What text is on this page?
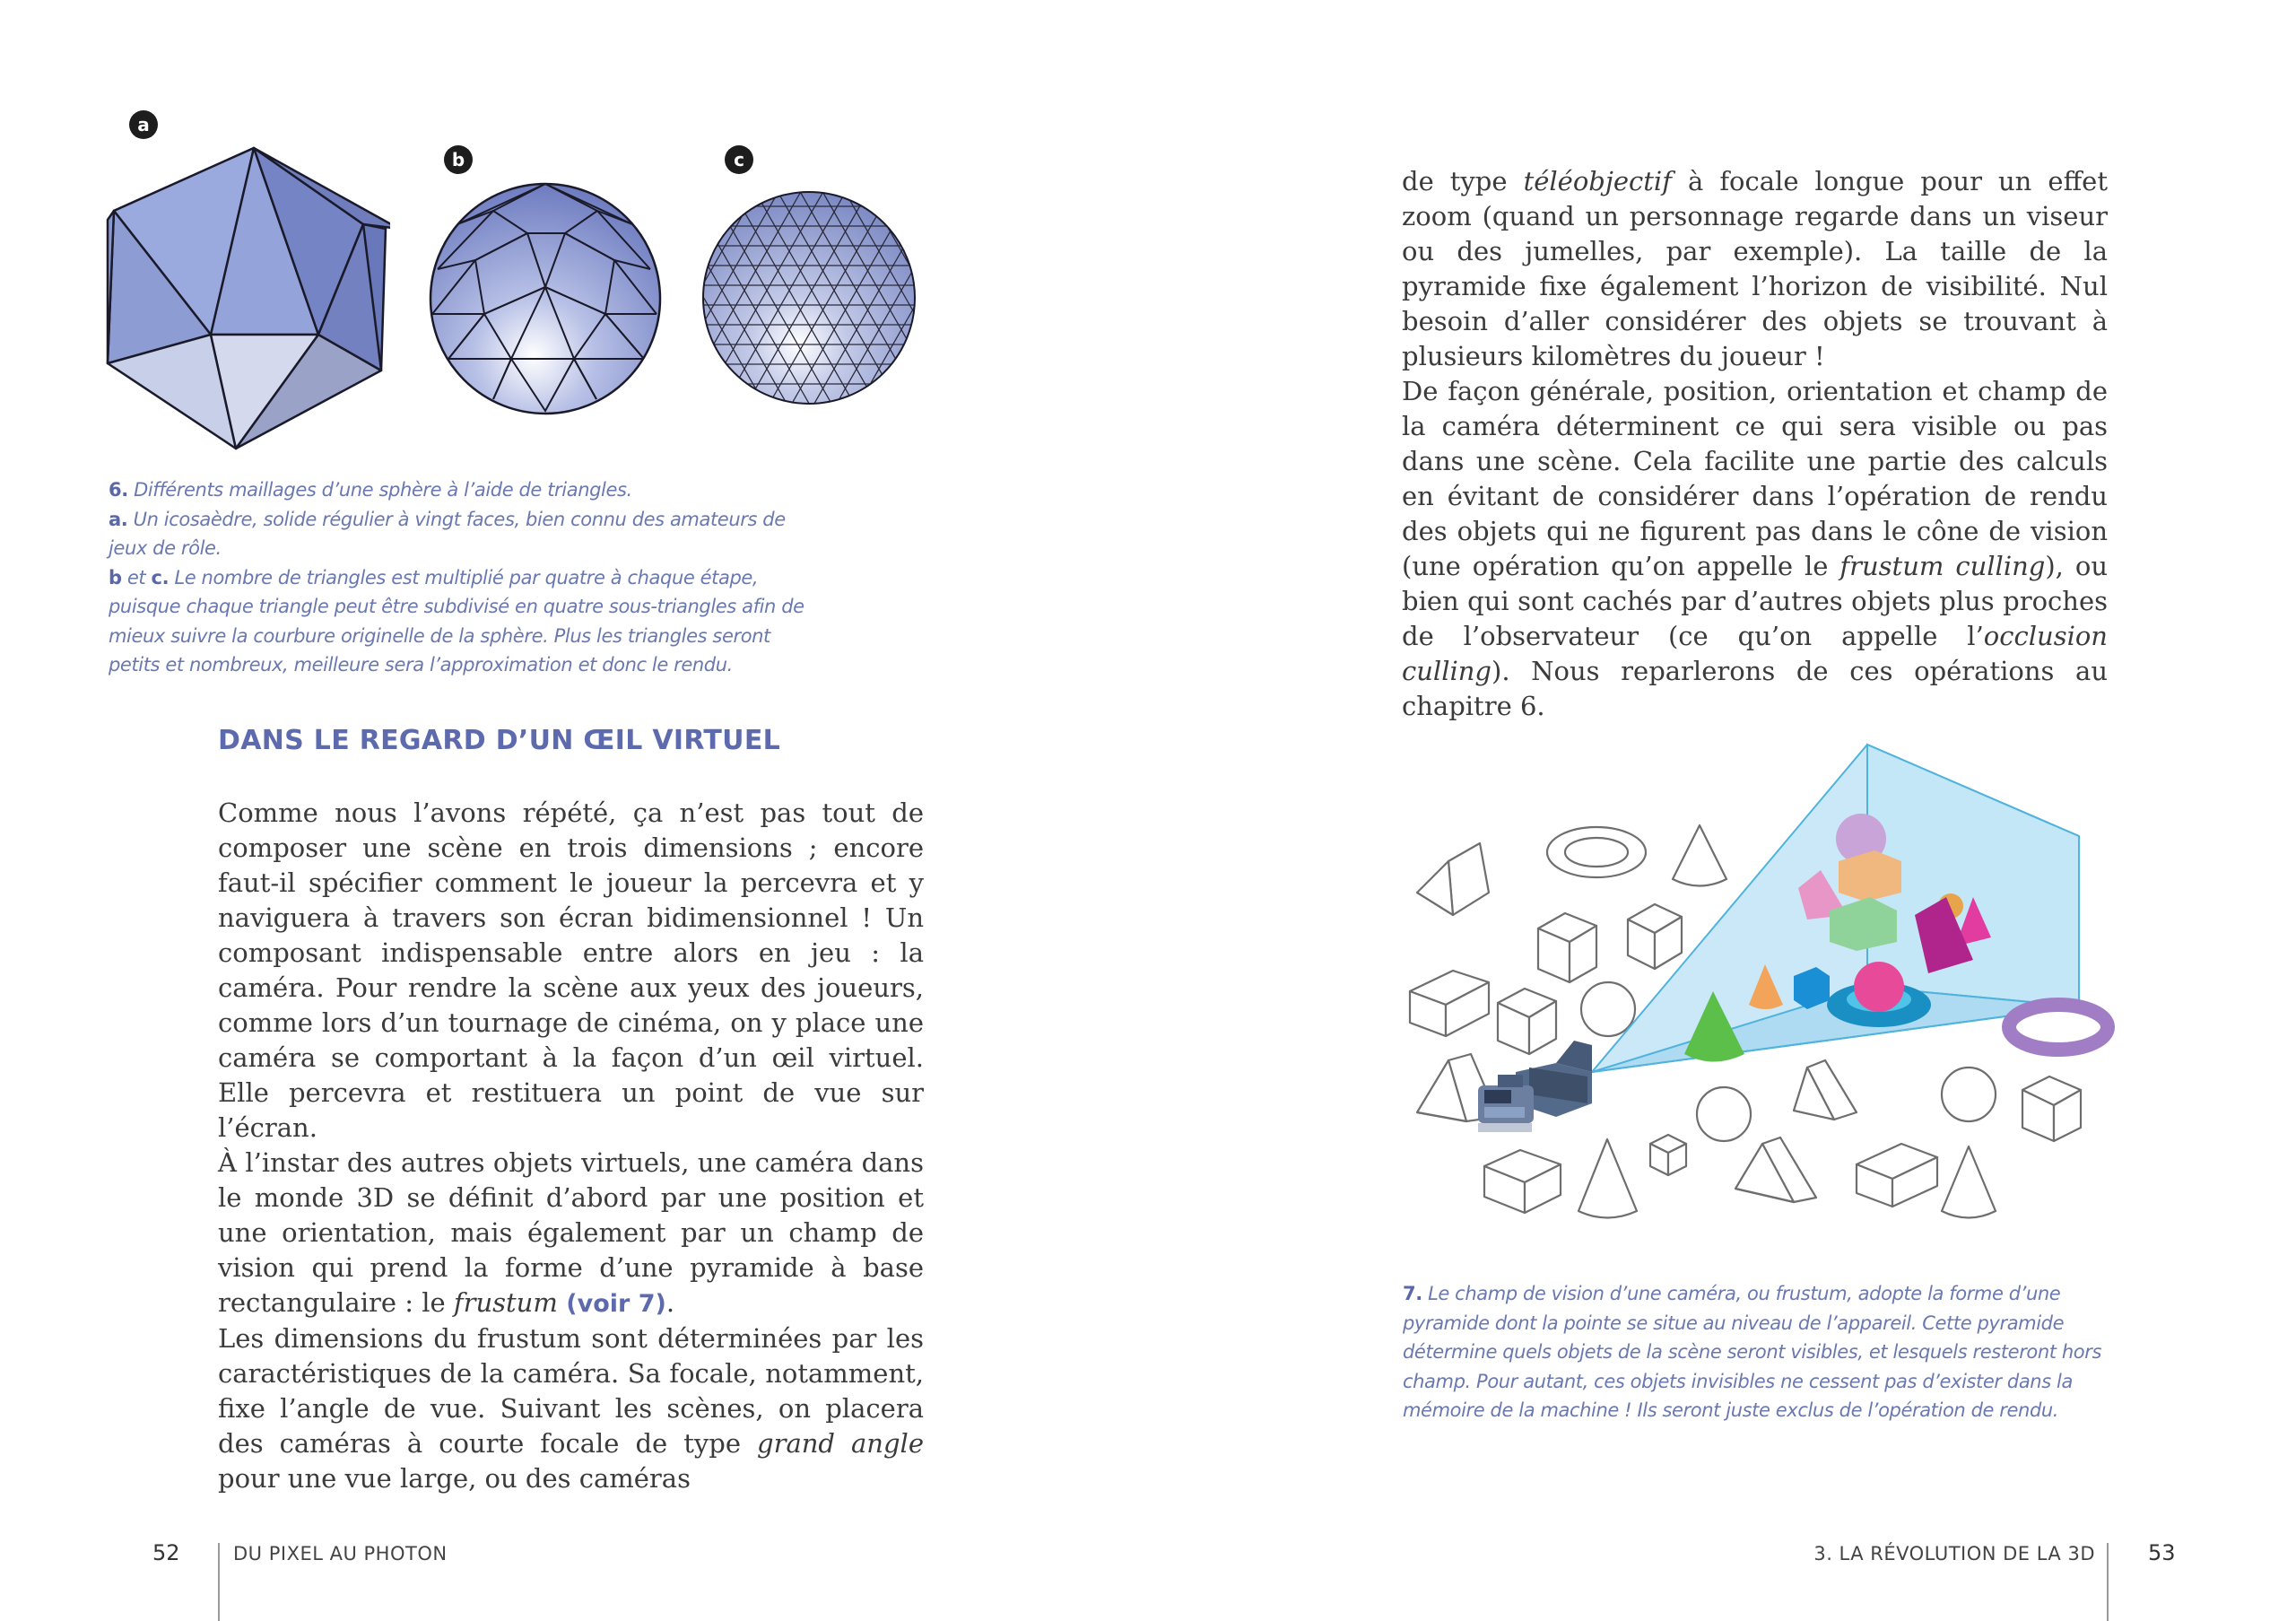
a
b	c

6. Différents maillages d’une sphère à l’aide de triangles.
a. Un icosaèdre, solide régulier à vingt faces, bien connu des amateurs de jeux de rôle.
b et c. Le nombre de triangles est multiplié par quatre à chaque étape, puisque chaque triangle peut être subdivisé en quatre sous-triangles afin de mieux suivre la courbure originelle de la sphère. Plus les triangles seront petits et nombreux, meilleure sera l’approximation et donc le rendu.

DANS LE REGARD D’UN ŒIL VIRTUEL

Comme nous l’avons répété, ça n’est pas tout de composer une scène en trois dimensions ; encore faut-il spécifier comment le joueur la percevra et y naviguera à travers son écran bidimensionnel ! Un composant indispensable entre alors en jeu : la caméra. Pour rendre la scène aux yeux des joueurs, comme lors d’un tournage de cinéma, on y place une caméra se comportant à la façon d’un œil virtuel. Elle percevra et restituera un point de vue sur l’écran.

À l’instar des autres objets virtuels, une caméra dans le monde 3D se définit d’abord par une position et une orientation, mais également par un champ de vision qui prend la forme d’une pyramide à base rectangulaire : le frustum (voir 7).

Les dimensions du frustum sont déterminées par les caractéristiques de la caméra. Sa focale, notamment, fixe l’angle de vue. Suivant les scènes, on placera des caméras à courte focale de type grand angle pour une vue large, ou des caméras

de type téléobjectif à focale longue pour un effet zoom (quand un personnage regarde dans un viseur ou des jumelles, par exemple). La taille de la pyramide fixe également l’horizon de visibilité. Nul besoin d’aller considérer des objets se trouvant à plusieurs kilomètres du joueur !

De façon générale, position, orientation et champ de la caméra déterminent ce qui sera visible ou pas dans une scène. Cela facilite une partie des calculs en évitant de considérer dans l’opération de rendu des objets qui ne figurent pas dans le cône de vision (une opération qu’on appelle le frustum culling), ou bien qui sont cachés par d’autres objets plus proches de l’observateur (ce qu’on appelle l’occlusion culling). Nous reparlerons de ces opérations au chapitre 6.

7. Le champ de vision d’une caméra, ou frustum, adopte la forme d’une pyramide dont la pointe se situe au niveau de l’appareil. Cette pyramide détermine quels objets de la scène seront visibles, et lesquels resteront hors champ. Pour autant, ces objets invisibles ne cessent pas d’exister dans la mémoire de la machine ! Ils seront juste exclus de l’opération de rendu.

52	DU PIXEL AU PHOTON	3. LA RÉVOLUTION DE LA 3D 53
